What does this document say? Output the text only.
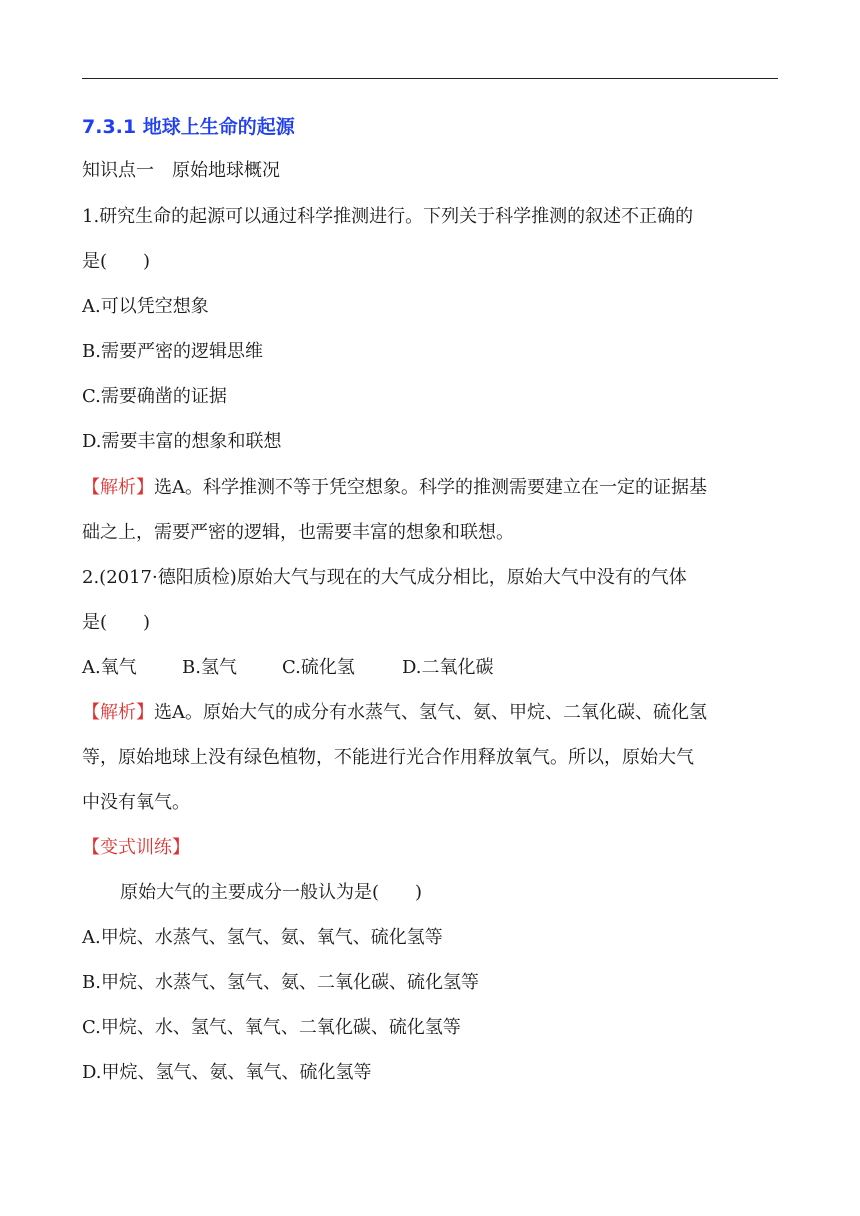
7.3.1 地球上生命的起源
知识点一　原始地球概况
1.研究生命的起源可以通过科学推测进行。下列关于科学推测的叙述不正确的
是(　　)
A.可以凭空想象
B.需要严密的逻辑思维
C.需要确凿的证据
D.需要丰富的想象和联想
【解析】选A。科学推测不等于凭空想象。科学的推测需要建立在一定的证据基
础之上，需要严密的逻辑，也需要丰富的想象和联想。
2.(2017·德阳质检)原始大气与现在的大气成分相比，原始大气中没有的气体
是(　　)
A.氧气	B.氢气	C.硫化氢	D.二氧化碳
【解析】选A。原始大气的成分有水蒸气、氢气、氨、甲烷、二氧化碳、硫化氢
等，原始地球上没有绿色植物，不能进行光合作用释放氧气。所以，原始大气
中没有氧气。
【变式训练】
原始大气的主要成分一般认为是(　　)
A.甲烷、水蒸气、氢气、氨、氧气、硫化氢等
B.甲烷、水蒸气、氢气、氨、二氧化碳、硫化氢等
C.甲烷、水、氢气、氧气、二氧化碳、硫化氢等
D.甲烷、氢气、氨、氧气、硫化氢等
